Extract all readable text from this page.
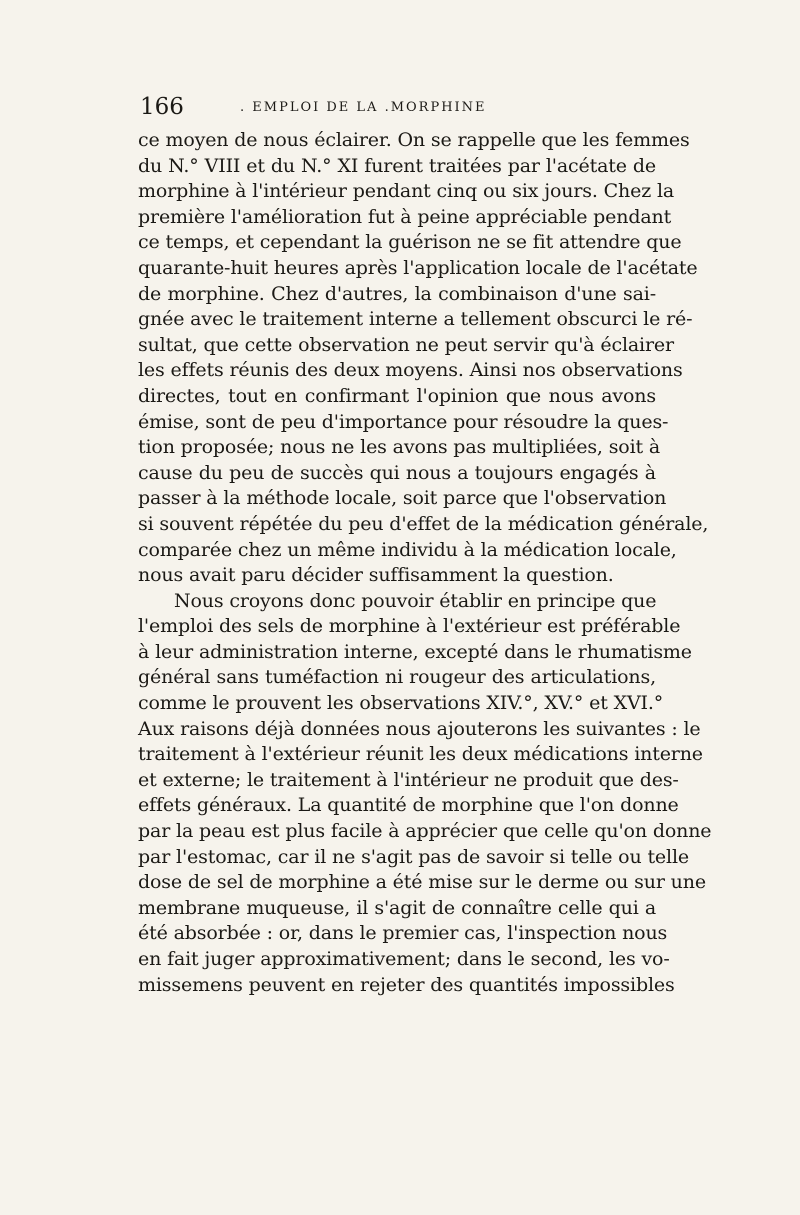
166	. EMPLOI DE LA .MORPHINE
ce moyen de nous éclairer. On se rappelle que les femmes
du N.° VIII et du N.° XI furent traitées par l'acétate de
morphine à l'intérieur pendant cinq ou six jours. Chez la
première l'amélioration fut à peine appréciable pendant
ce temps, et cependant la guérison ne se fit attendre que
quarante-huit heures après l'application locale de l'acétate
de morphine. Chez d'autres, la combinaison d'une sai-
gnée avec le traitement interne a tellement obscurci le ré-
sultat, que cette observation ne peut servir qu'à éclairer
les effets réunis des deux moyens. Ainsi nos observations
directes, tout en confirmant l'opinion que nous avons
émise, sont de peu d'importance pour résoudre la ques-
tion proposée; nous ne les avons pas multipliées, soit à
cause du peu de succès qui nous a toujours engagés à
passer à la méthode locale, soit parce que l'observation
si souvent répétée du peu d'effet de la médication générale,
comparée chez un même individu à la médication locale,
nous avait paru décider suffisamment la question.
Nous croyons donc pouvoir établir en principe que
l'emploi des sels de morphine à l'extérieur est préférable
à leur administration interne, excepté dans le rhumatisme
général sans tuméfaction ni rougeur des articulations,
comme le prouvent les observations XIV.°, XV.° et XVI.°
Aux raisons déjà données nous ajouterons les suivantes : le
traitement à l'extérieur réunit les deux médications interne
et externe; le traitement à l'intérieur ne produit que des-
effets généraux. La quantité de morphine que l'on donne
par la peau est plus facile à apprécier que celle qu'on donne
par l'estomac, car il ne s'agit pas de savoir si telle ou telle
dose de sel de morphine a été mise sur le derme ou sur une
membrane muqueuse, il s'agit de connaître celle qui a
été absorbée : or, dans le premier cas, l'inspection nous
en fait juger approximativement; dans le second, les vo-
missemens peuvent en rejeter des quantités impossibles
